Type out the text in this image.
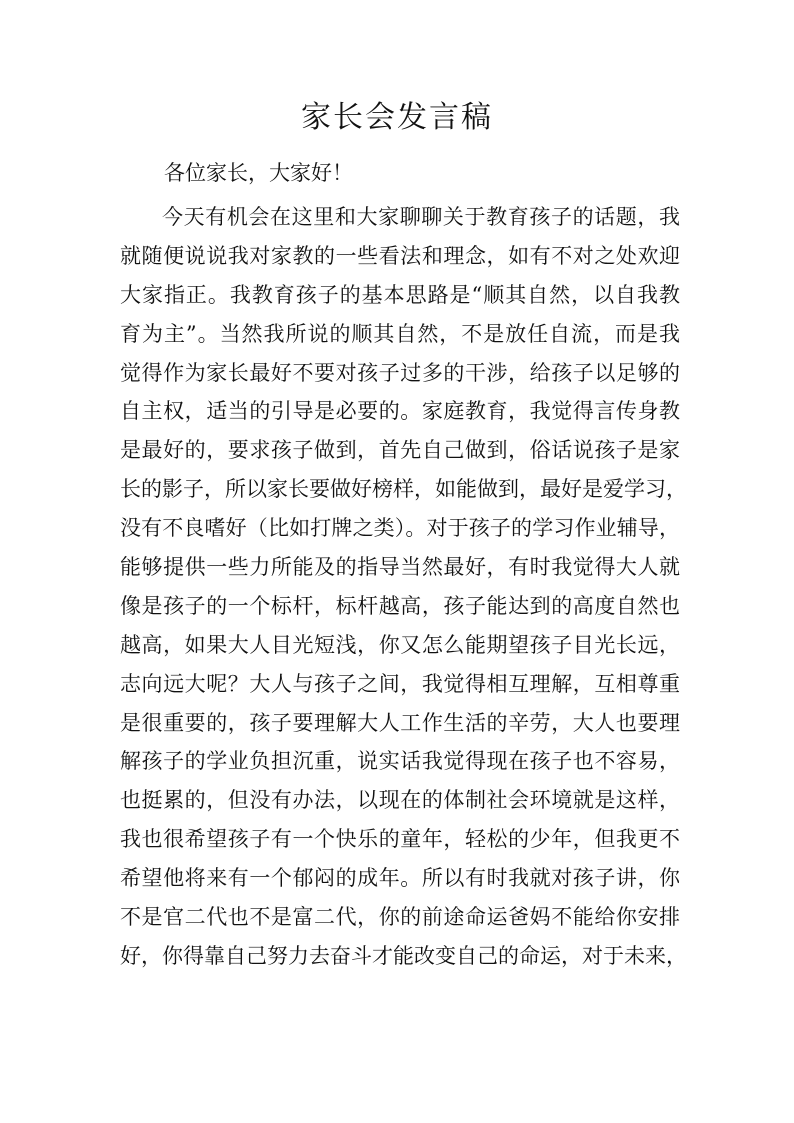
家长会发言稿
各位家长，大家好！
今天有机会在这里和大家聊聊关于教育孩子的话题，我
就随便说说我对家教的一些看法和理念，如有不对之处欢迎
大家指正。我教育孩子的基本思路是“顺其自然，以自我教
育为主”。当然我所说的顺其自然，不是放任自流，而是我
觉得作为家长最好不要对孩子过多的干涉，给孩子以足够的
自主权，适当的引导是必要的。家庭教育，我觉得言传身教
是最好的，要求孩子做到，首先自己做到，俗话说孩子是家
长的影子，所以家长要做好榜样，如能做到，最好是爱学习，
没有不良嗜好（比如打牌之类）。对于孩子的学习作业辅导，
能够提供一些力所能及的指导当然最好，有时我觉得大人就
像是孩子的一个标杆，标杆越高，孩子能达到的高度自然也
越高，如果大人目光短浅，你又怎么能期望孩子目光长远，
志向远大呢？大人与孩子之间，我觉得相互理解，互相尊重
是很重要的，孩子要理解大人工作生活的辛劳，大人也要理
解孩子的学业负担沉重，说实话我觉得现在孩子也不容易，
也挺累的，但没有办法，以现在的体制社会环境就是这样，
我也很希望孩子有一个快乐的童年，轻松的少年，但我更不
希望他将来有一个郁闷的成年。所以有时我就对孩子讲，你
不是官二代也不是富二代，你的前途命运爸妈不能给你安排
好，你得靠自己努力去奋斗才能改变自己的命运，对于未来，
